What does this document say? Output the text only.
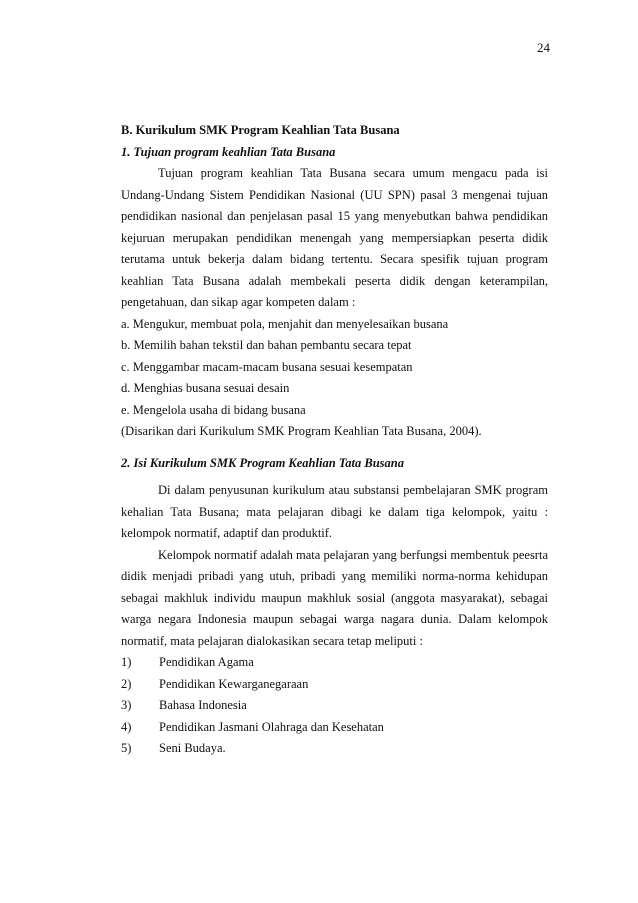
24

B. Kurikulum SMK Program Keahlian Tata Busana

1. Tujuan program keahlian Tata Busana

Tujuan program keahlian Tata Busana secara umum mengacu pada isi Undang-Undang Sistem Pendidikan Nasional (UU SPN) pasal 3 mengenai tujuan pendidikan nasional dan penjelasan pasal 15 yang menyebutkan bahwa pendidikan kejuruan merupakan pendidikan menengah yang mempersiapkan peserta didik terutama untuk bekerja dalam bidang tertentu. Secara spesifik tujuan program keahlian Tata Busana adalah membekali peserta didik dengan keterampilan, pengetahuan, dan sikap agar kompeten dalam :

a. Mengukur, membuat pola, menjahit dan menyelesaikan busana

b. Memilih bahan tekstil dan bahan pembantu secara tepat

c. Menggambar macam-macam busana sesuai kesempatan

d. Menghias busana sesuai desain

e. Mengelola usaha di bidang busana

(Disarikan dari Kurikulum SMK Program Keahlian Tata Busana, 2004).

2. Isi Kurikulum SMK Program Keahlian Tata Busana

Di dalam penyusunan kurikulum atau substansi pembelajaran SMK program kehalian Tata Busana; mata pelajaran dibagi ke dalam tiga kelompok, yaitu : kelompok normatif, adaptif dan produktif.

Kelompok normatif adalah mata pelajaran yang berfungsi membentuk peesrta didik menjadi pribadi yang utuh, pribadi yang memiliki norma-norma kehidupan sebagai makhluk individu maupun makhluk sosial (anggota masyarakat), sebagai warga negara Indonesia maupun sebagai warga nagara dunia. Dalam kelompok normatif, mata pelajaran dialokasikan secara tetap meliputi :

1)	Pendidikan Agama
2)	Pendidikan Kewarganegaraan
3)	Bahasa Indonesia
4)	Pendidikan Jasmani Olahraga dan Kesehatan
5)	Seni Budaya.
